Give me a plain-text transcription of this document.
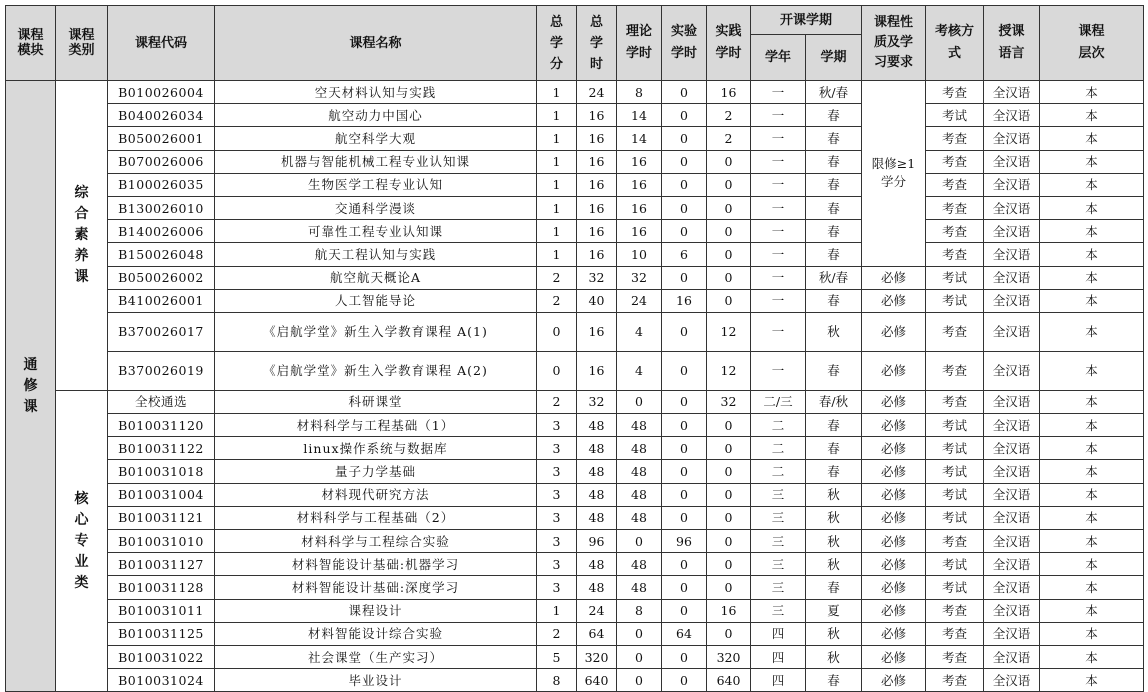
课程模块	课程类别	课程代码	课程名称	总学分	总学时	理论学时	实验学时	实践学时	开课学期		课程性质及学习要求	考核方式	授课语言	课程层次
									学年	学期				
通修课	综合素养课	B010026004	空天材料认知与实践	1	24	8	0	16	一	秋/春	限修≥1学分	考查	全汉语	本
		B040026034	航空动力中国心	1	16	14	0	2	一	春		考试	全汉语	本
		B050026001	航空科学大观	1	16	14	0	2	一	春		考查	全汉语	本
		B070026006	机器与智能机械工程专业认知课	1	16	16	0	0	一	春		考查	全汉语	本
		B100026035	生物医学工程专业认知	1	16	16	0	0	一	春		考查	全汉语	本
		B130026010	交通科学漫谈	1	16	16	0	0	一	春		考查	全汉语	本
		B140026006	可靠性工程专业认知课	1	16	16	0	0	一	春		考查	全汉语	本
		B150026048	航天工程认知与实践	1	16	10	6	0	一	春		考查	全汉语	本
		B050026002	航空航天概论A	2	32	32	0	0	一	秋/春	必修	考试	全汉语	本
		B410026001	人工智能导论	2	40	24	16	0	一	春	必修	考试	全汉语	本
		B370026017	《启航学堂》新生入学教育课程 A(1)	0	16	4	0	12	一	秋	必修	考查	全汉语	本
		B370026019	《启航学堂》新生入学教育课程 A(2)	0	16	4	0	12	一	春	必修	考查	全汉语	本
	核心专业类	全校通选	科研课堂	2	32	0	0	32	二/三	春/秋	必修	考查	全汉语	本
		B010031120	材料科学与工程基础（1）	3	48	48	0	0	二	春	必修	考试	全汉语	本
		B010031122	linux操作系统与数据库	3	48	48	0	0	二	春	必修	考试	全汉语	本
		B010031018	量子力学基础	3	48	48	0	0	二	春	必修	考试	全汉语	本
		B010031004	材料现代研究方法	3	48	48	0	0	三	秋	必修	考试	全汉语	本
		B010031121	材料科学与工程基础（2）	3	48	48	0	0	三	秋	必修	考试	全汉语	本
		B010031010	材料科学与工程综合实验	3	96	0	96	0	三	秋	必修	考查	全汉语	本
		B010031127	材料智能设计基础:机器学习	3	48	48	0	0	三	秋	必修	考试	全汉语	本
		B010031128	材料智能设计基础:深度学习	3	48	48	0	0	三	春	必修	考试	全汉语	本
		B010031011	课程设计	1	24	8	0	16	三	夏	必修	考查	全汉语	本
		B010031125	材料智能设计综合实验	2	64	0	64	0	四	秋	必修	考查	全汉语	本
		B010031022	社会课堂（生产实习）	5	320	0	0	320	四	秋	必修	考查	全汉语	本
		B010031024	毕业设计	8	640	0	0	640	四	春	必修	考查	全汉语	本
